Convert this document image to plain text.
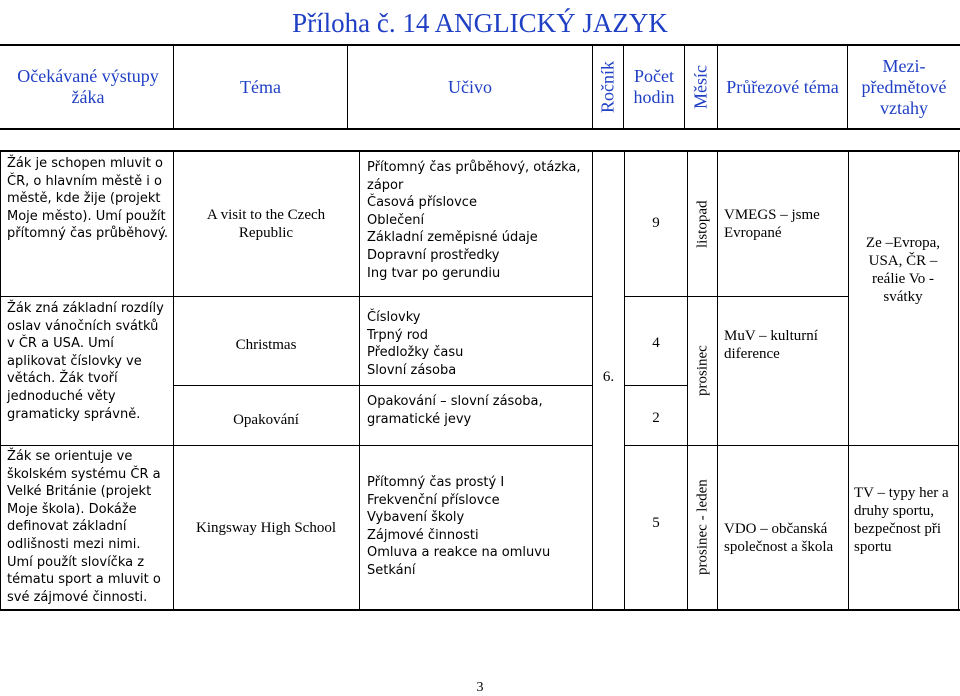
Příloha č. 14 ANGLICKÝ JAZYK
Očekávané výstupy žáka
Téma	Učivo	Ročník Počet hodin Měsíc Průřezové téma
Mezi-předmětové vztahy
Žák je schopen mluvit o ČR, o hlavním městě i o městě, kde žije (projekt Moje město). Umí použít přítomný čas průběhový.
Žák zná základní rozdíly oslav vánočních svátků v ČR a USA. Umí aplikovat číslovky ve větách. Žák tvoří jednoduché věty gramaticky správně.
Žák se orientuje ve školském systému ČR a Velké Británie (projekt Moje škola). Dokáže definovat základní odlišnosti mezi nimi. Umí použít slovíčka z tématu sport a mluvit o své zájmové činnosti.
A visit to the Czech Republic
Christmas
Opakování
Kingsway High School
Přítomný čas průběhový, otázka, zápor
Časová příslovce
Oblečení
Základní zeměpisné údaje
Dopravní prostředky
Ing tvar po gerundiu
Číslovky
Trpný rod
Předložky času
Slovní zásoba
Opakování – slovní zásoba, gramatické jevy
Přítomný čas prostý I
Frekvenční příslovce
Vybavení školy
Zájmové činnosti
Omluva a reakce na omluvu
Setkání
6.
9
4
2
5
listopad
prosinec
prosinec - leden
VMEGS – jsme Evropané
MuV – kulturní diference
VDO – občanská společnost a škola
Ze –Evropa, USA, ČR – reálie Vo - svátky
TV – typy her a druhy sportu, bezpečnost při sportu
3
